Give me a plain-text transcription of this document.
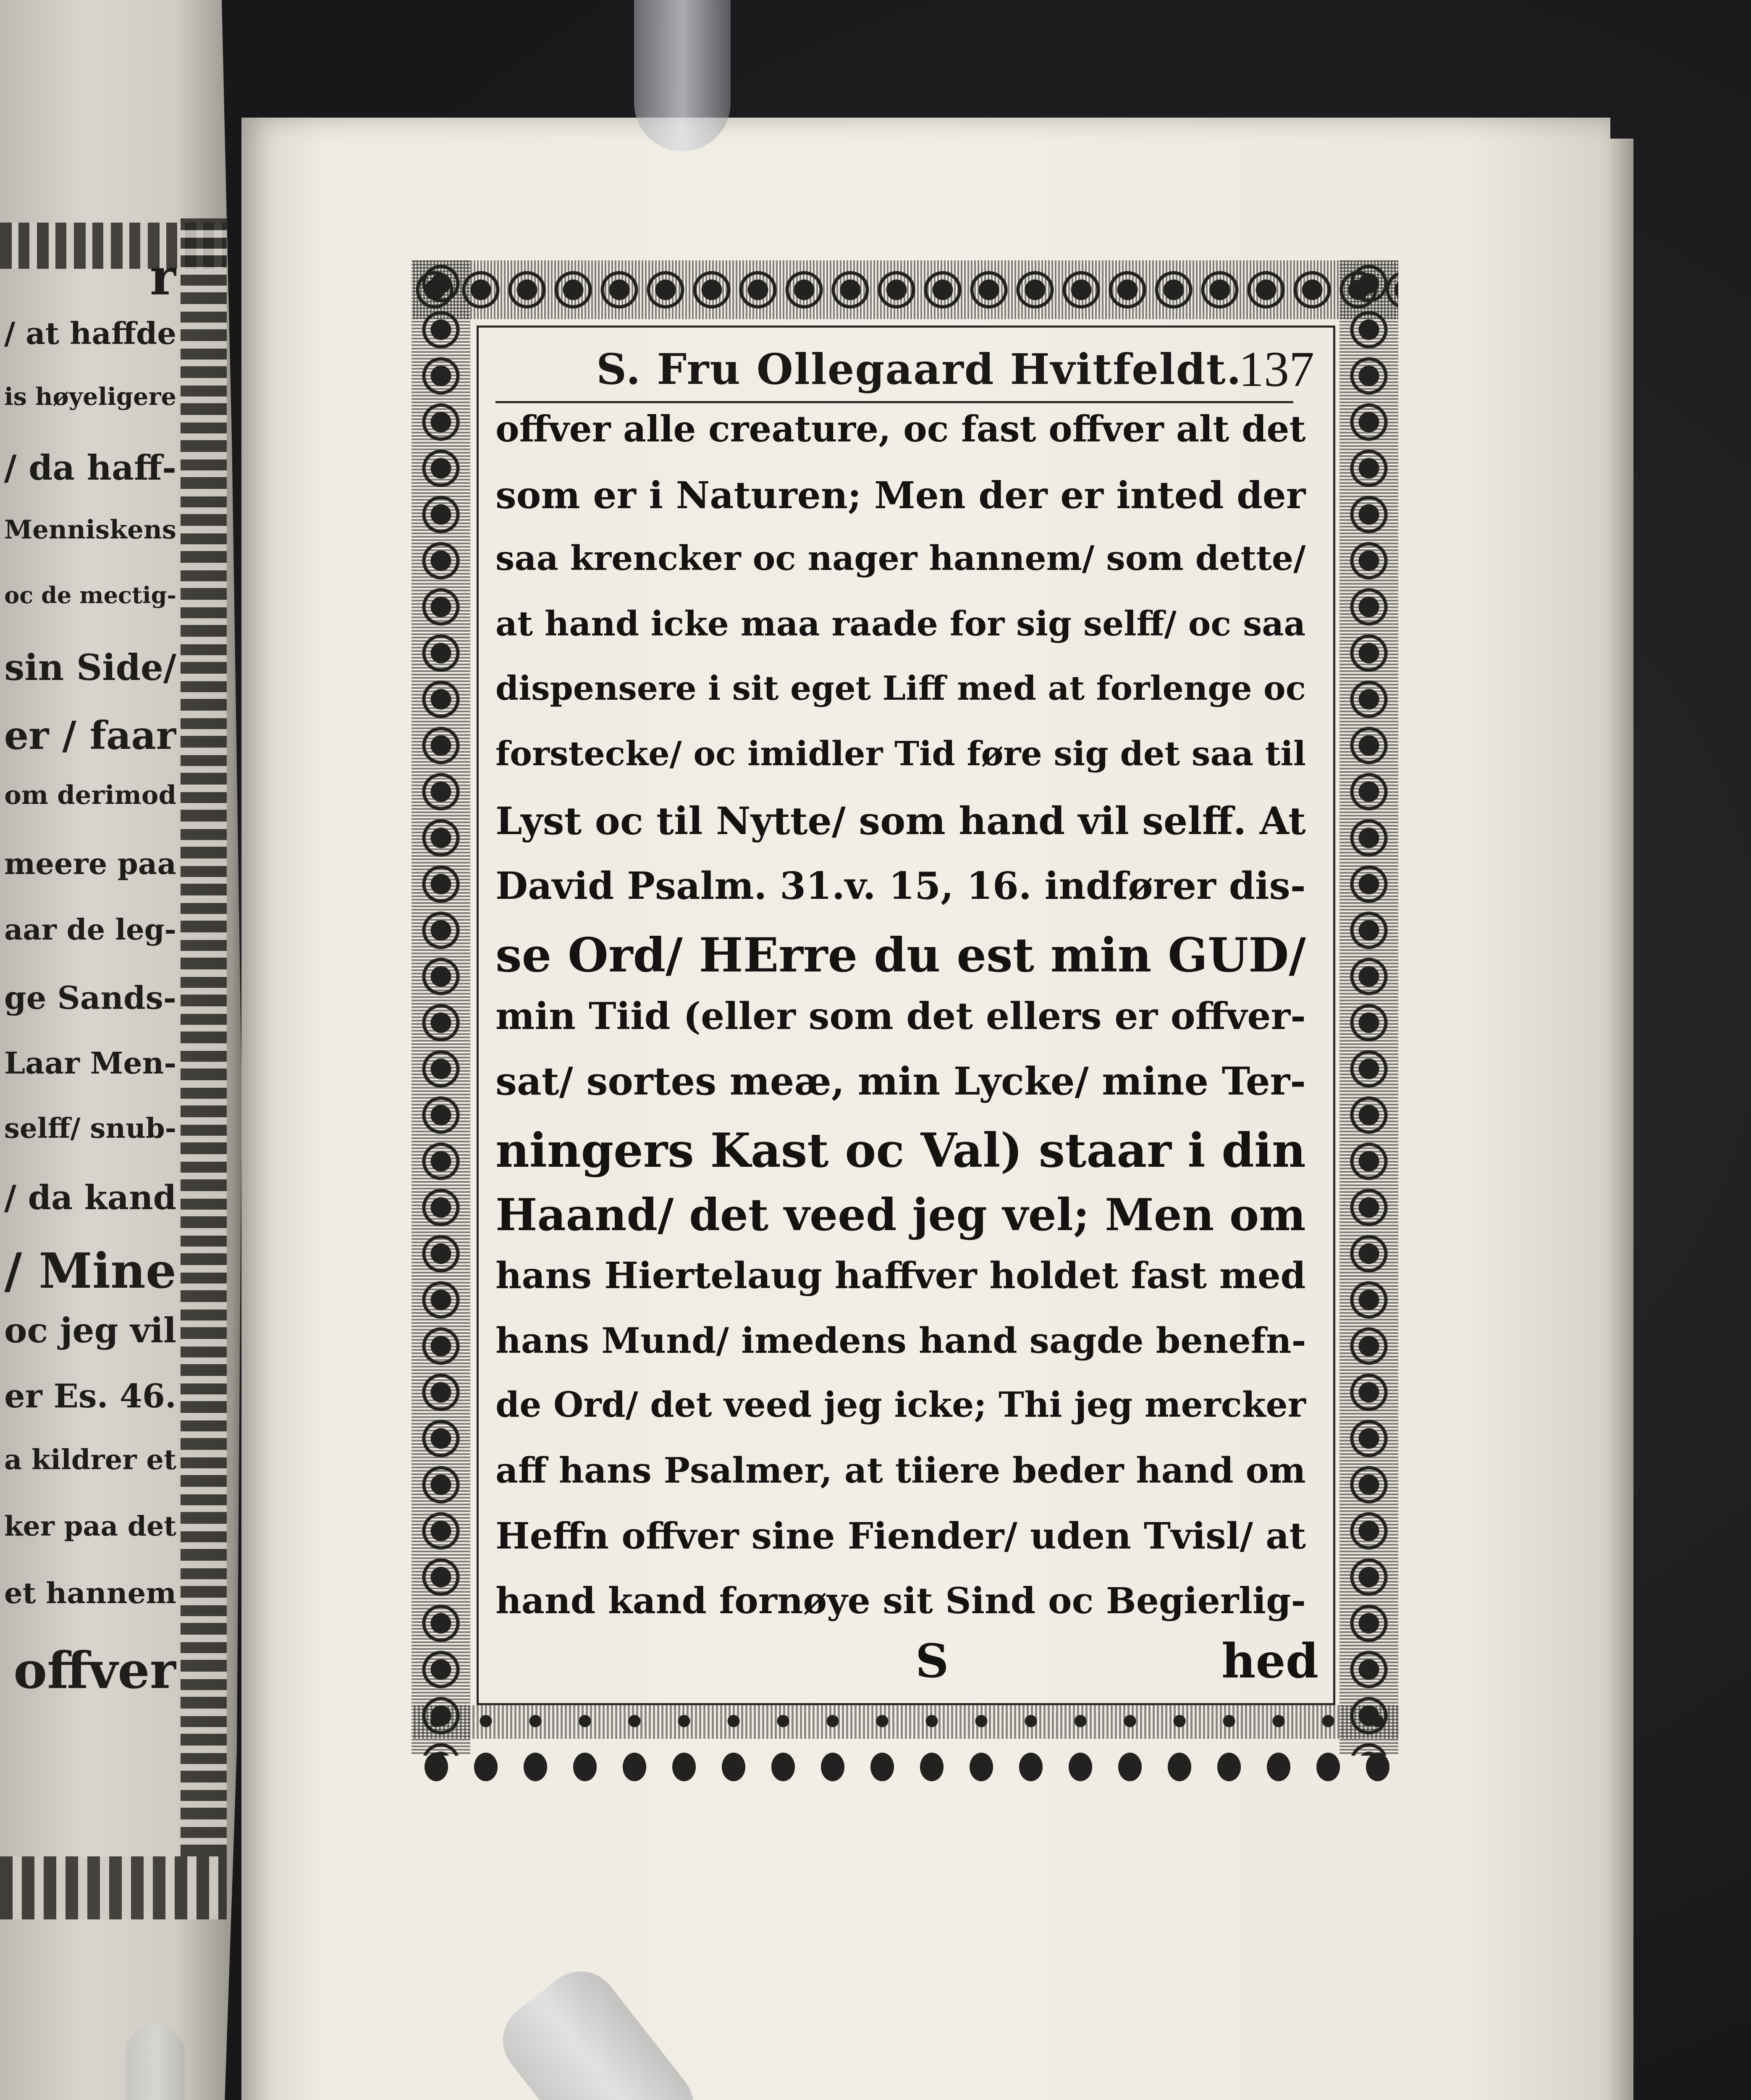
r
/ at haffde
is høyeligere
/ da haff-
Menniskens
oc de mectig-
sin Side/
er / faar
om derimod
meere paa
aar de leg-
ge Sands-
Laar Men-
selff/ snub-
/ da kand
/ Mine
oc jeg vil
er Es. 46.
a kildrer et
ker paa det
et hannem
offver
S. Fru Ollegaard Hvitfeldt.
137
offver alle creature, oc fast offver alt det
som er i Naturen; Men der er inted der
saa krencker oc nager hannem/ som dette/
at hand icke maa raade for sig selff/ oc saa
dispensere i sit eget Liff med at forlenge oc
forstecke/ oc imidler Tid føre sig det saa til
Lyst oc til Nytte/ som hand vil selff. At
David Psalm. 31.v. 15, 16. indfører dis-
se Ord/ HErre du est min GUD/
min Tiid (eller som det ellers er offver-
sat/ sortes meæ, min Lycke/ mine Ter-
ningers Kast oc Val) staar i din
Haand/ det veed jeg vel; Men om
hans Hiertelaug haffver holdet fast med
hans Mund/ imedens hand sagde benefn-
de Ord/ det veed jeg icke; Thi jeg mercker
aff hans Psalmer, at tiiere beder hand om
Heffn offver sine Fiender/ uden Tvisl/ at
hand kand fornøye sit Sind oc Begierlig-
S	hed
